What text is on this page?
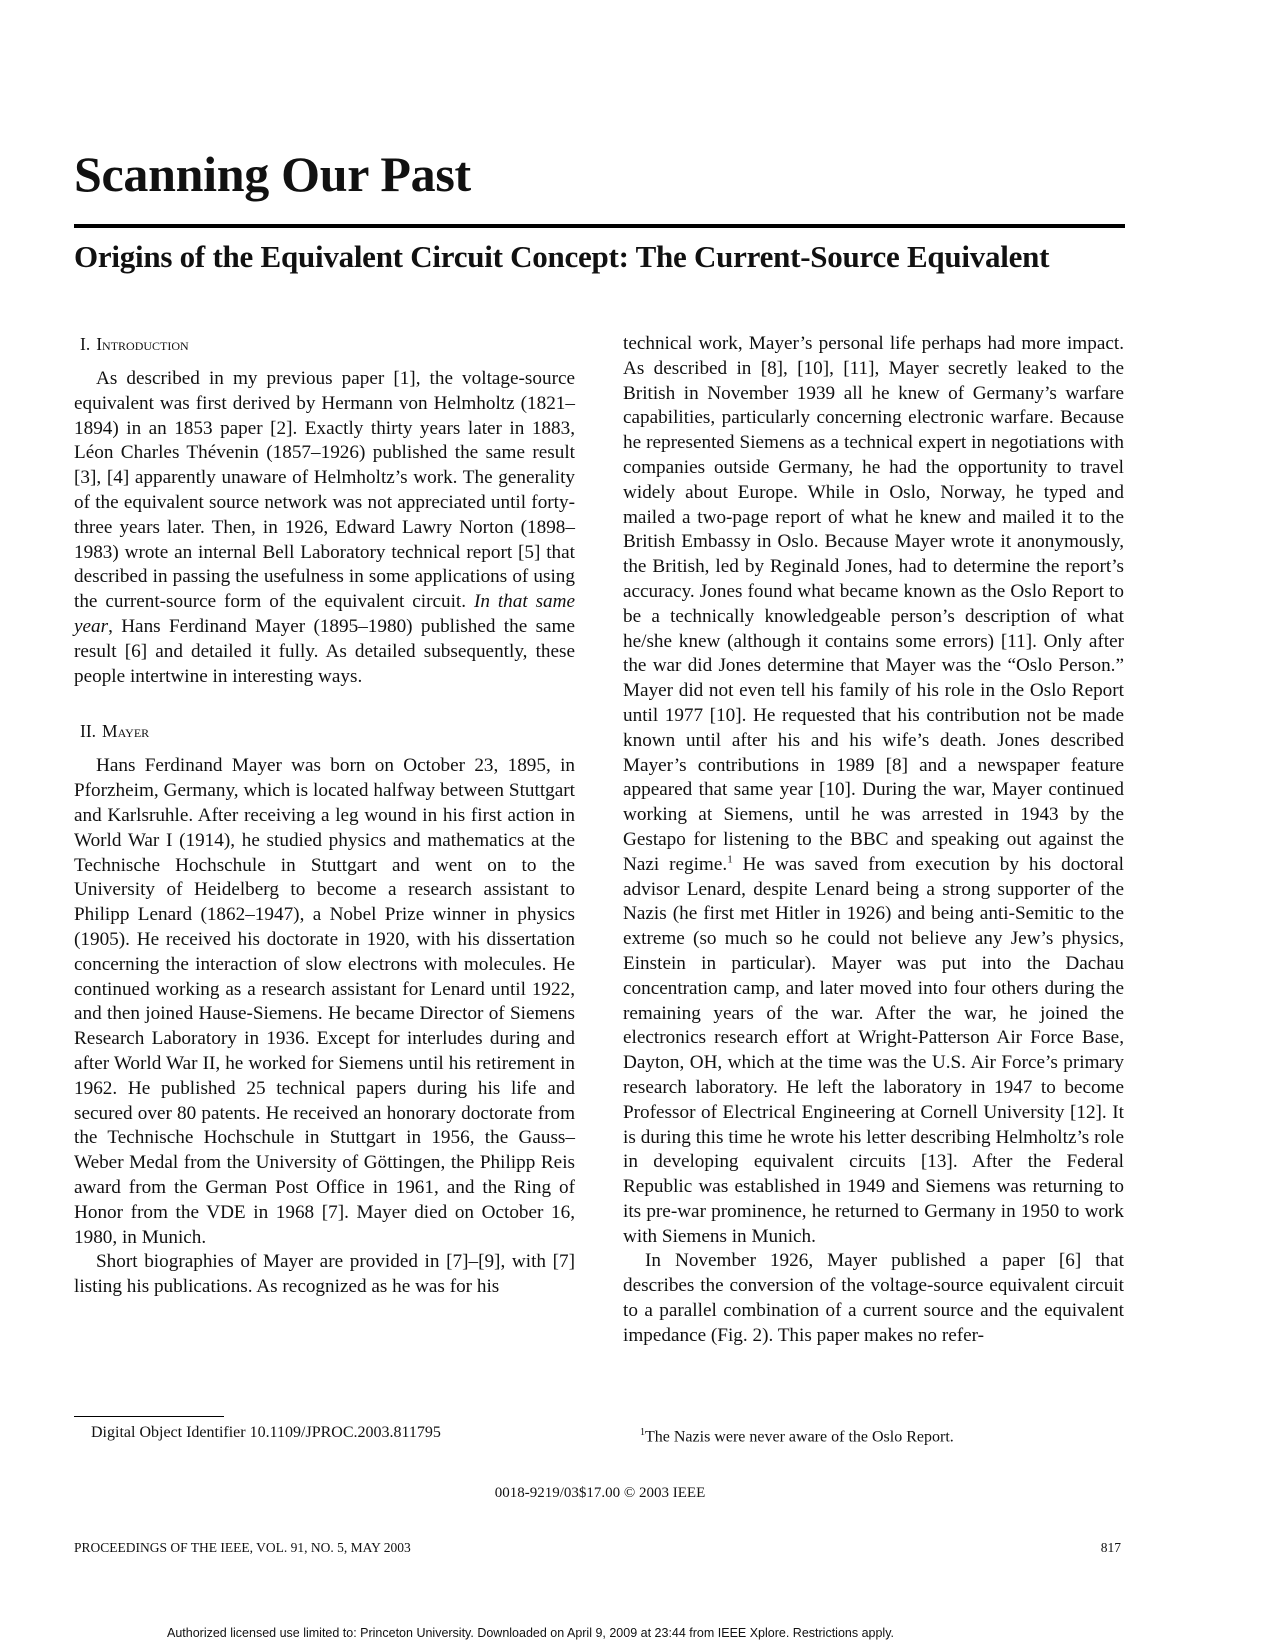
Scanning Our Past
Origins of the Equivalent Circuit Concept: The Current-Source Equivalent
I. Introduction

As described in my previous paper [1], the voltage-source equivalent was first derived by Hermann von Helmholtz (1821–1894) in an 1853 paper [2]. Exactly thirty years later in 1883, Léon Charles Thévenin (1857–1926) published the same result [3], [4] apparently unaware of Helmholtz’s work. The generality of the equivalent source network was not appreciated until forty-three years later. Then, in 1926, Edward Lawry Norton (1898–1983) wrote an internal Bell Laboratory technical report [5] that described in passing the usefulness in some applications of using the current-source form of the equivalent circuit. In that same year, Hans Ferdinand Mayer (1895–1980) published the same result [6] and detailed it fully. As detailed subsequently, these people intertwine in interesting ways.

II. Mayer

Hans Ferdinand Mayer was born on October 23, 1895, in Pforzheim, Germany, which is located halfway between Stuttgart and Karlsruhle. After receiving a leg wound in his first action in World War I (1914), he studied physics and mathematics at the Technische Hochschule in Stuttgart and went on to the University of Heidelberg to become a research assistant to Philipp Lenard (1862–1947), a Nobel Prize winner in physics (1905). He received his doctorate in 1920, with his dissertation concerning the interaction of slow electrons with molecules. He continued working as a research assistant for Lenard until 1922, and then joined Hause-Siemens. He became Director of Siemens Research Laboratory in 1936. Except for interludes during and after World War II, he worked for Siemens until his retirement in 1962. He published 25 technical papers during his life and secured over 80 patents. He received an honorary doctorate from the Technische Hochschule in Stuttgart in 1956, the Gauss–Weber Medal from the University of Göttingen, the Philipp Reis award from the German Post Office in 1961, and the Ring of Honor from the VDE in 1968 [7]. Mayer died on October 16, 1980, in Munich.

Short biographies of Mayer are provided in [7]–[9], with [7] listing his publications. As recognized as he was for his

technical work, Mayer’s personal life perhaps had more impact. As described in [8], [10], [11], Mayer secretly leaked to the British in November 1939 all he knew of Germany’s warfare capabilities, particularly concerning electronic warfare. Because he represented Siemens as a technical expert in negotiations with companies outside Germany, he had the opportunity to travel widely about Europe. While in Oslo, Norway, he typed and mailed a two-page report of what he knew and mailed it to the British Embassy in Oslo. Because Mayer wrote it anonymously, the British, led by Reginald Jones, had to determine the report’s accuracy. Jones found what became known as the Oslo Report to be a technically knowledgeable person’s description of what he/she knew (although it contains some errors) [11]. Only after the war did Jones determine that Mayer was the “Oslo Person.” Mayer did not even tell his family of his role in the Oslo Report until 1977 [10]. He requested that his contribution not be made known until after his and his wife’s death. Jones described Mayer’s contributions in 1989 [8] and a newspaper feature appeared that same year [10]. During the war, Mayer continued working at Siemens, until he was arrested in 1943 by the Gestapo for listening to the BBC and speaking out against the Nazi regime.$^1$ He was saved from execution by his doctoral advisor Lenard, despite Lenard being a strong supporter of the Nazis (he first met Hitler in 1926) and being anti-Semitic to the extreme (so much so he could not believe any Jew’s physics, Einstein in particular). Mayer was put into the Dachau concentration camp, and later moved into four others during the remaining years of the war. After the war, he joined the electronics research effort at Wright-Patterson Air Force Base, Dayton, OH, which at the time was the U.S. Air Force’s primary research laboratory. He left the laboratory in 1947 to become Professor of Electrical Engineering at Cornell University [12]. It is during this time he wrote his letter describing Helmholtz’s role in developing equivalent circuits [13]. After the Federal Republic was established in 1949 and Siemens was returning to its pre-war prominence, he returned to Germany in 1950 to work with Siemens in Munich.

In November 1926, Mayer published a paper [6] that describes the conversion of the voltage-source equivalent circuit to a parallel combination of a current source and the equivalent impedance (Fig. 2). This paper makes no refer-

Digital Object Identifier 10.1109/JPROC.2003.811795	$^1$The Nazis were never aware of the Oslo Report.
0018-9219/03$17.00 © 2003 IEEE
PROCEEDINGS OF THE IEEE, VOL. 91, NO. 5, MAY 2003	817
Authorized licensed use limited to: Princeton University. Downloaded on April 9, 2009 at 23:44 from IEEE Xplore. Restrictions apply.
